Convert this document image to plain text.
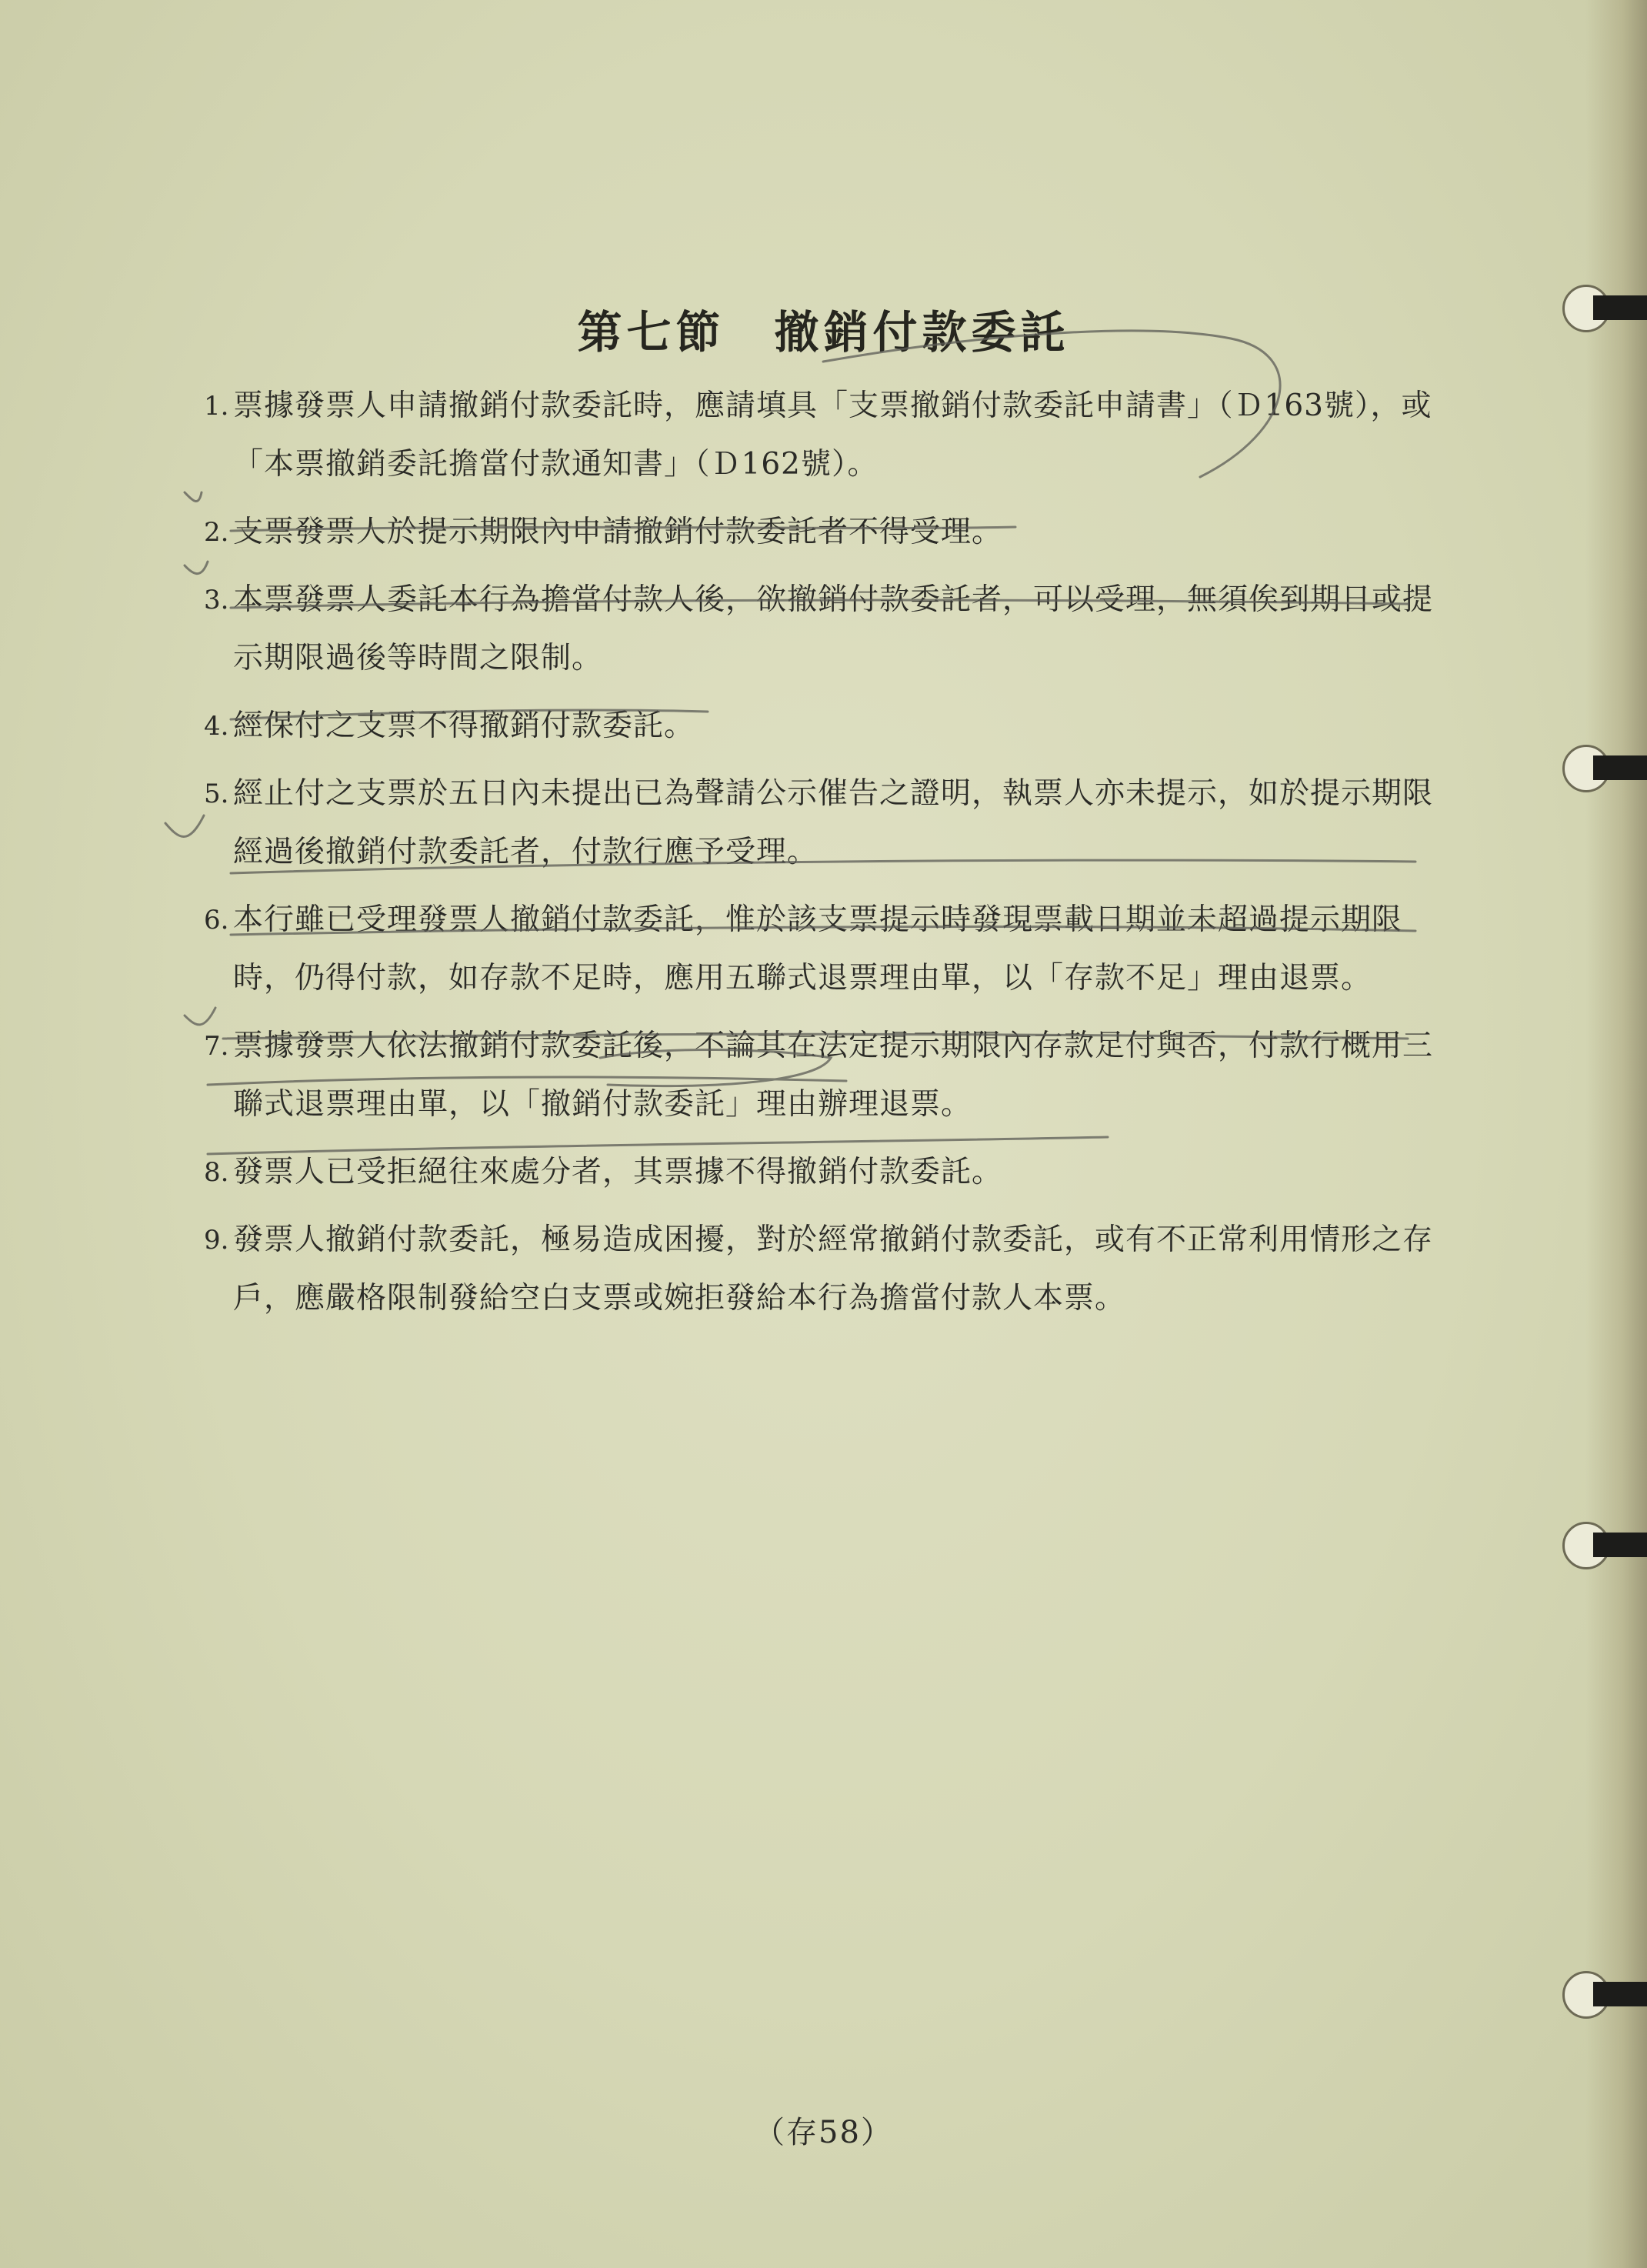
第七節　撤銷付款委託
1. 票據發票人申請撤銷付款委託時，應請填具「支票撤銷付款委託申請書」（Ｄ163號），或「本票撤銷委託擔當付款通知書」（Ｄ162號）。
2. 支票發票人於提示期限內申請撤銷付款委託者不得受理。
3. 本票發票人委託本行為擔當付款人後，欲撤銷付款委託者，可以受理，無須俟到期日或提示期限過後等時間之限制。
4. 經保付之支票不得撤銷付款委託。
5. 經止付之支票於五日內未提出已為聲請公示催告之證明，執票人亦未提示，如於提示期限經過後撤銷付款委託者，付款行應予受理。
6. 本行雖已受理發票人撤銷付款委託，惟於該支票提示時發現票載日期並未超過提示期限時，仍得付款，如存款不足時，應用五聯式退票理由單，以「存款不足」理由退票。
7. 票據發票人依法撤銷付款委託後，不論其在法定提示期限內存款足付與否，付款行概用三聯式退票理由單，以「撤銷付款委託」理由辦理退票。
8. 發票人已受拒絕往來處分者，其票據不得撤銷付款委託。
9. 發票人撤銷付款委託，極易造成困擾，對於經常撤銷付款委託，或有不正常利用情形之存戶，應嚴格限制發給空白支票或婉拒發給本行為擔當付款人本票。
（存58）
